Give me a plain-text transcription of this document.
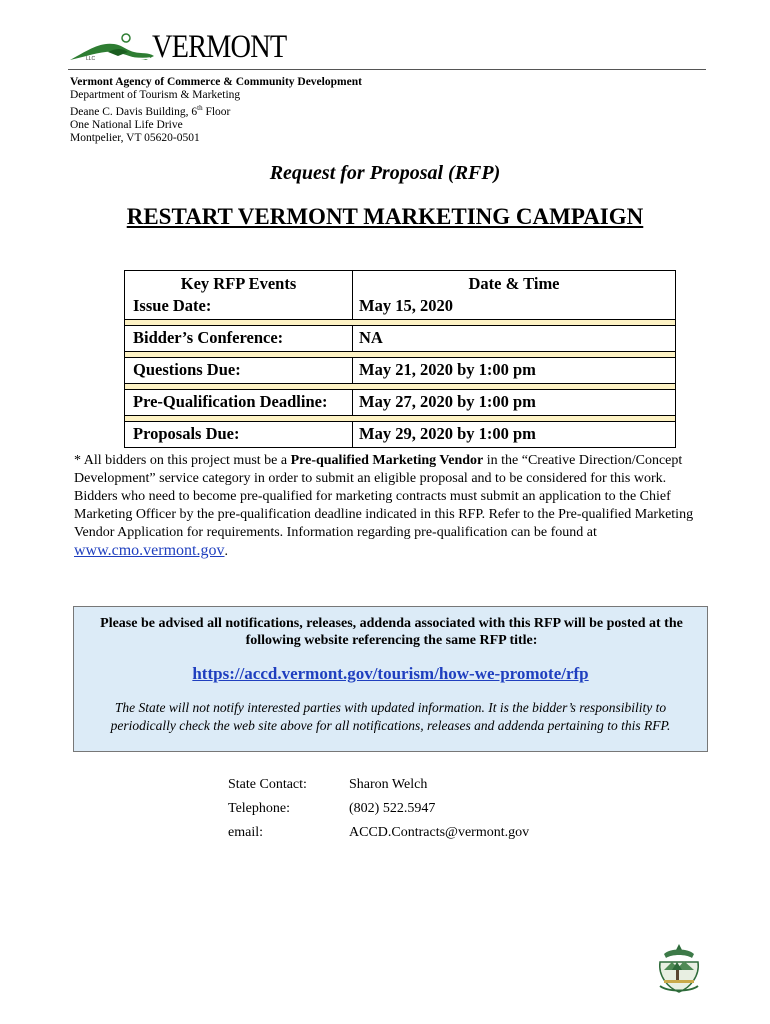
VERMONT
LLC
Vermont Agency of Commerce & Community Development
Department of Tourism & Marketing
Deane C. Davis Building, 6th Floor
One National Life Drive
Montpelier, VT 05620-0501
Request for Proposal (RFP)
RESTART VERMONT MARKETING CAMPAIGN
Key RFP Events	Date & Time
Issue Date:	May 15, 2020
Bidder’s Conference:	NA
Questions Due:	May 21, 2020 by 1:00 pm
Pre-Qualification Deadline: May 27, 2020 by 1:00 pm
Proposals Due:	May 29, 2020 by 1:00 pm
* All bidders on this project must be a Pre-qualified Marketing Vendor in the “Creative Direction/Concept Development” service category in order to submit an eligible proposal and to be considered for this work. Bidders who need to become pre-qualified for marketing contracts must submit an application to the Chief Marketing Officer by the pre-qualification deadline indicated in this RFP. Refer to the Pre-qualified Marketing Vendor Application for requirements. Information regarding pre-qualification can be found at www.cmo.vermont.gov.
Please be advised all notifications, releases, addenda associated with this RFP will be posted at the following website referencing the same RFP title:
https://accd.vermont.gov/tourism/how-we-promote/rfp
The State will not notify interested parties with updated information. It is the bidder’s responsibility to periodically check the web site above for all notifications, releases and addenda pertaining to this RFP.
State Contact:	Sharon Welch
Telephone:	(802) 522.5947
email:	ACCD.Contracts@vermont.gov
